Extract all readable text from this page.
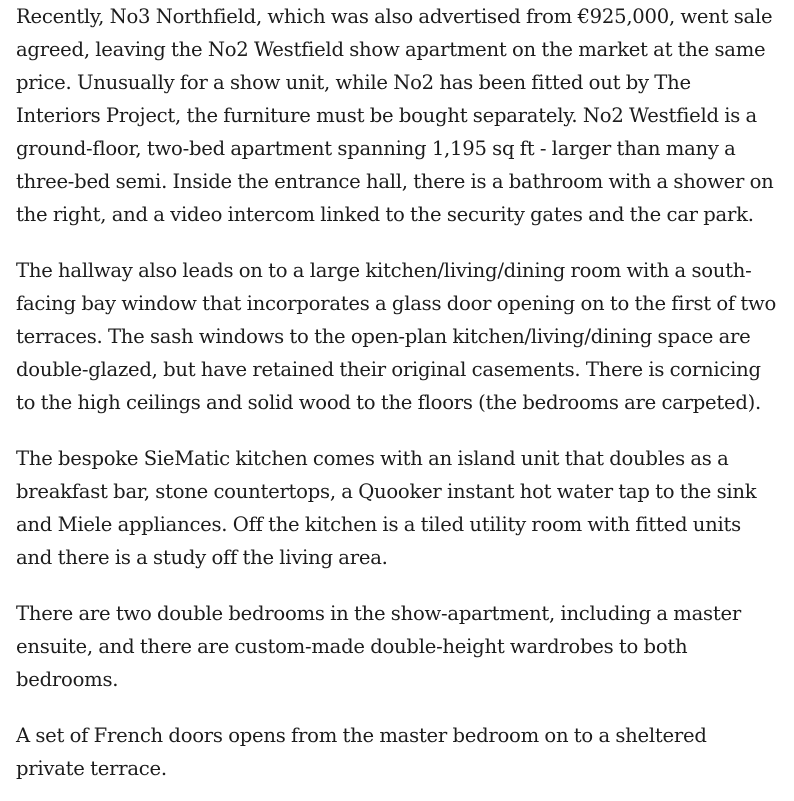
Recently, No3 Northfield, which was also advertised from €925,000, went sale agreed, leaving the No2 Westfield show apartment on the market at the same price. Unusually for a show unit, while No2 has been fitted out by The Interiors Project, the furniture must be bought separately. No2 Westfield is a ground-floor, two-bed apartment spanning 1,195 sq ft - larger than many a three-bed semi. Inside the entrance hall, there is a bathroom with a shower on the right, and a video intercom linked to the security gates and the car park.

The hallway also leads on to a large kitchen/living/dining room with a south-facing bay window that incorporates a glass door opening on to the first of two terraces. The sash windows to the open-plan kitchen/living/dining space are double-glazed, but have retained their original casements. There is cornicing to the high ceilings and solid wood to the floors (the bedrooms are carpeted).

The bespoke SieMatic kitchen comes with an island unit that doubles as a breakfast bar, stone countertops, a Quooker instant hot water tap to the sink and Miele appliances. Off the kitchen is a tiled utility room with fitted units and there is a study off the living area.

There are two double bedrooms in the show-apartment, including a master ensuite, and there are custom-made double-height wardrobes to both bedrooms.

A set of French doors opens from the master bedroom on to a sheltered private terrace.
